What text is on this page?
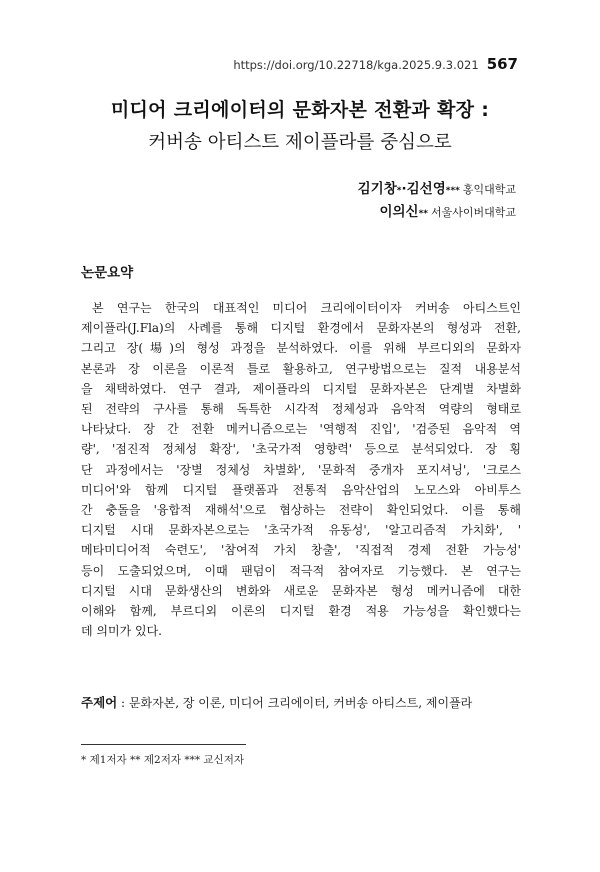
https://doi.org/10.22718/kga.2025.9.3.021 567
미디어 크리에이터의 문화자본 전환과 확장 :
커버송 아티스트 제이플라를 중심으로
김기창*·김선영*** 홍익대학교
이의신** 서울사이버대학교
논문요약
본 연구는 한국의 대표적인 미디어 크리에이터이자 커버송 아티스트인
제이플라(J.Fla)의 사례를 통해 디지털 환경에서 문화자본의 형성과 전환,
그리고 장(場)의 형성 과정을 분석하였다. 이를 위해 부르디외의 문화자
본론과 장 이론을 이론적 틀로 활용하고, 연구방법으로는 질적 내용분석
을 채택하였다. 연구 결과, 제이플라의 디지털 문화자본은 단계별 차별화
된 전략의 구사를 통해 독특한 시각적 정체성과 음악적 역량의 형태로
나타났다. 장 간 전환 메커니즘으로는 '역행적 진입', '검증된 음악적 역
량', '점진적 정체성 확장', '초국가적 영향력' 등으로 분석되었다. 장 횡
단 과정에서는 '장별 정체성 차별화', '문화적 중개자 포지셔닝', '크로스
미디어'와 함께 디지털 플랫폼과 전통적 음악산업의 노모스와 아비투스
간 충돌을 '융합적 재해석'으로 협상하는 전략이 확인되었다. 이를 통해
디지털 시대 문화자본으로는 '초국가적 유동성', '알고리즘적 가치화', '
메타미디어적 숙련도', '참여적 가치 창출', '직접적 경제 전환 가능성'
등이 도출되었으며, 이때 팬덤이 적극적 참여자로 기능했다. 본 연구는
디지털 시대 문화생산의 변화와 새로운 문화자본 형성 메커니즘에 대한
이해와 함께, 부르디외 이론의 디지털 환경 적용 가능성을 확인했다는
데 의미가 있다.
주제어 : 문화자본, 장 이론, 미디어 크리에이터, 커버송 아티스트, 제이플라
* 제1저자 ** 제2저자 *** 교신저자
